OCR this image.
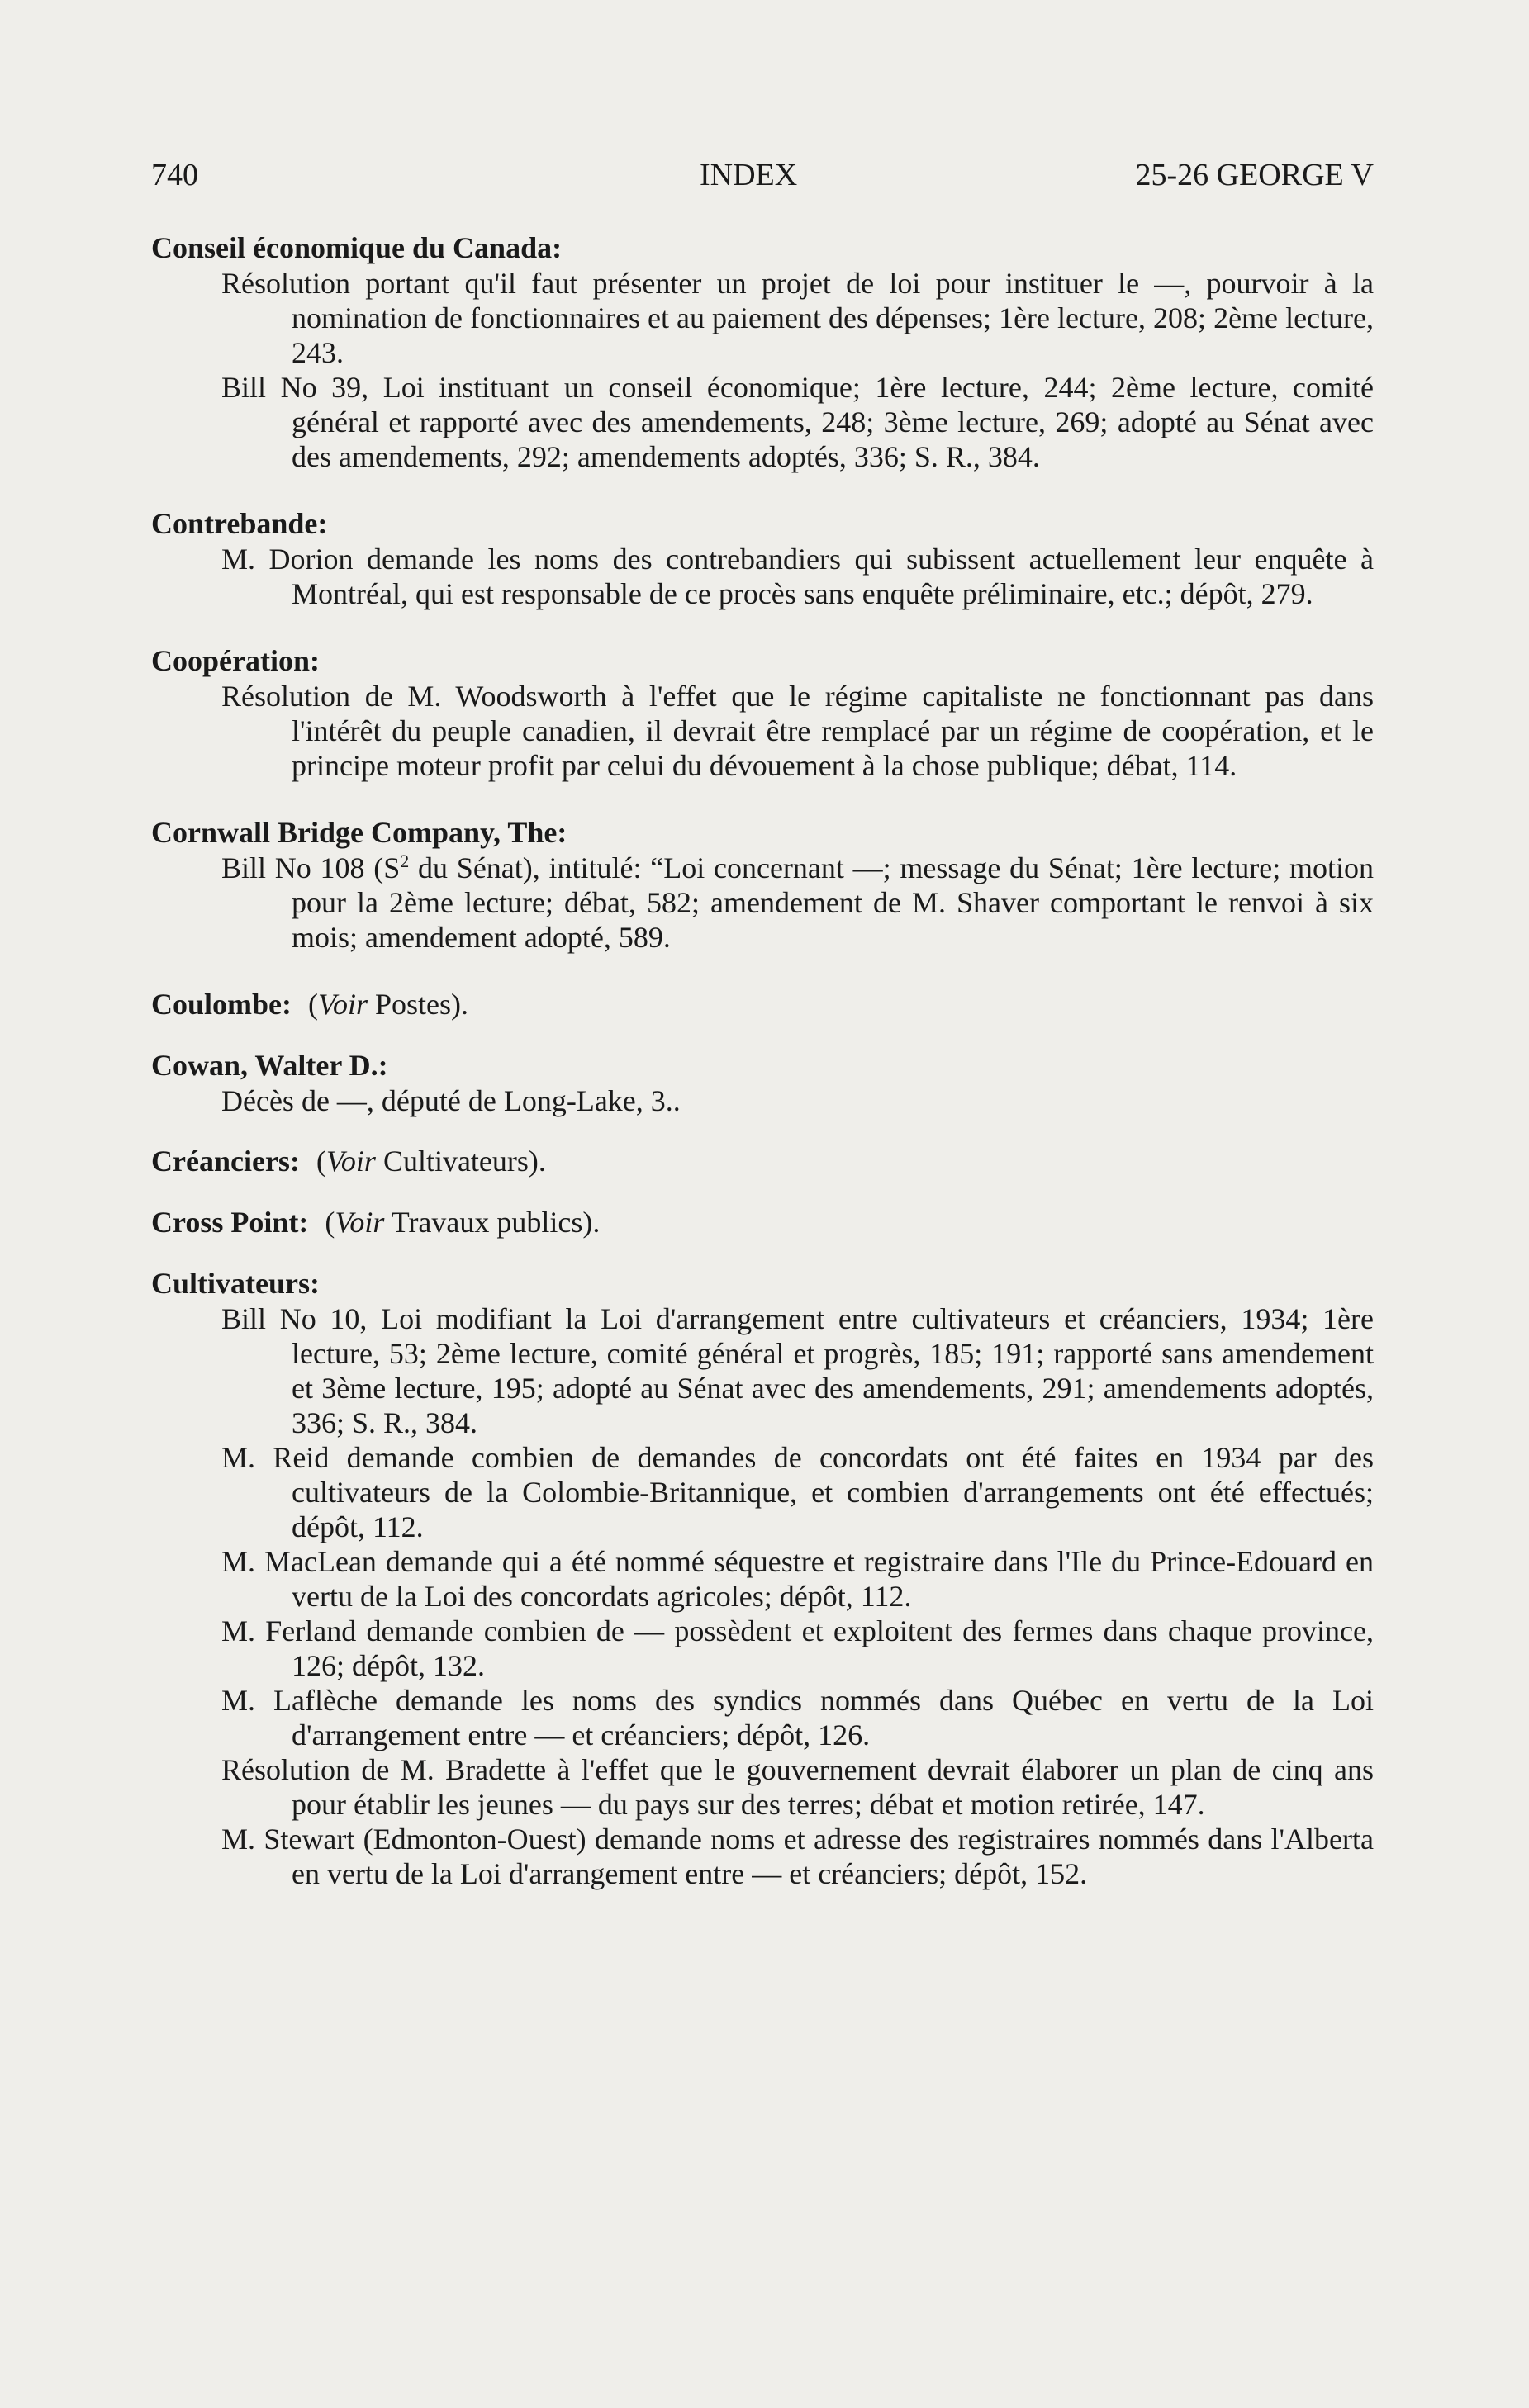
740	INDEX	25-26 GEORGE V
Conseil économique du Canada:
Résolution portant qu'il faut présenter un projet de loi pour instituer le —, pourvoir à la nomination de fonctionnaires et au paiement des dépenses; 1ère lecture, 208; 2ème lecture, 243.
Bill No 39, Loi instituant un conseil économique; 1ère lecture, 244; 2ème lecture, comité général et rapporté avec des amendements, 248; 3ème lecture, 269; adopté au Sénat avec des amendements, 292; amendements adoptés, 336; S. R., 384.
Contrebande:
M. Dorion demande les noms des contrebandiers qui subissent actuellement leur enquête à Montréal, qui est responsable de ce procès sans enquête préliminaire, etc.; dépôt, 279.
Coopération:
Résolution de M. Woodsworth à l'effet que le régime capitaliste ne fonctionnant pas dans l'intérêt du peuple canadien, il devrait être remplacé par un régime de coopération, et le principe moteur profit par celui du dévouement à la chose publique; débat, 114.
Cornwall Bridge Company, The:
Bill No 108 ($S^2$ du Sénat), intitulé: “Loi concernant —; message du Sénat; 1ère lecture; motion pour la 2ème lecture; débat, 582; amendement de M. Shaver comportant le renvoi à six mois; amendement adopté, 589.
Coulombe: (Voir Postes).
Cowan, Walter D.:
Décès de —, député de Long-Lake, 3..
Créanciers: (Voir Cultivateurs).
Cross Point: (Voir Travaux publics).
Cultivateurs:
Bill No 10, Loi modifiant la Loi d'arrangement entre cultivateurs et créanciers, 1934; 1ère lecture, 53; 2ème lecture, comité général et progrès, 185; 191; rapporté sans amendement et 3ème lecture, 195; adopté au Sénat avec des amendements, 291; amendements adoptés, 336; S. R., 384.
M. Reid demande combien de demandes de concordats ont été faites en 1934 par des cultivateurs de la Colombie-Britannique, et combien d'arrangements ont été effectués; dépôt, 112.
M. MacLean demande qui a été nommé séquestre et registraire dans l'Ile du Prince-Edouard en vertu de la Loi des concordats agricoles; dépôt, 112.
M. Ferland demande combien de — possèdent et exploitent des fermes dans chaque province, 126; dépôt, 132.
M. Laflèche demande les noms des syndics nommés dans Québec en vertu de la Loi d'arrangement entre — et créanciers; dépôt, 126.
Résolution de M. Bradette à l'effet que le gouvernement devrait élaborer un plan de cinq ans pour établir les jeunes — du pays sur des terres; débat et motion retirée, 147.
M. Stewart (Edmonton-Ouest) demande noms et adresse des registraires nommés dans l'Alberta en vertu de la Loi d'arrangement entre — et créanciers; dépôt, 152.
